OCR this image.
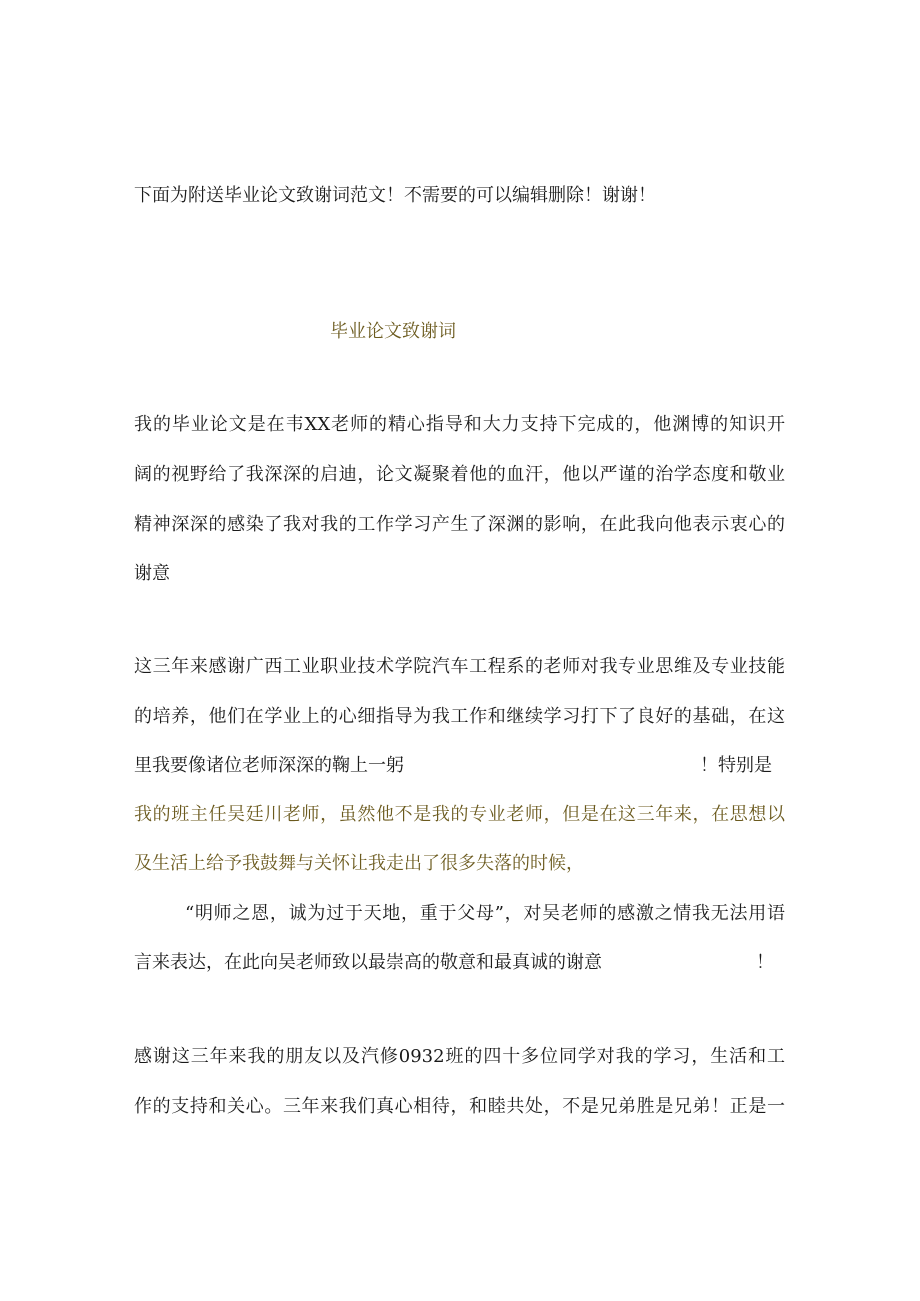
下面为附送毕业论文致谢词范文！不需要的可以编辑删除！谢谢！
毕业论文致谢词
我的毕业论文是在韦XX老师的精心指导和大力支持下完成的，他渊博的知识开
阔的视野给了我深深的启迪，论文凝聚着他的血汗，他以严谨的治学态度和敬业
精神深深的感染了我对我的工作学习产生了深渊的影响，在此我向他表示衷心的
谢意
这三年来感谢广西工业职业技术学院汽车工程系的老师对我专业思维及专业技能
的培养，他们在学业上的心细指导为我工作和继续学习打下了良好的基础，在这
里我要像诸位老师深深的鞠上一躬	！特别是
我的班主任吴廷川老师，虽然他不是我的专业老师，但是在这三年来，在思想以
及生活上给予我鼓舞与关怀让我走出了很多失落的时候，
“明师之恩，诚为过于天地，重于父母”，对吴老师的感激之情我无法用语
言来表达，在此向吴老师致以最崇高的敬意和最真诚的谢意	！
感谢这三年来我的朋友以及汽修0932班的四十多位同学对我的学习，生活和工
作的支持和关心。三年来我们真心相待，和睦共处，不是兄弟胜是兄弟！正是一
